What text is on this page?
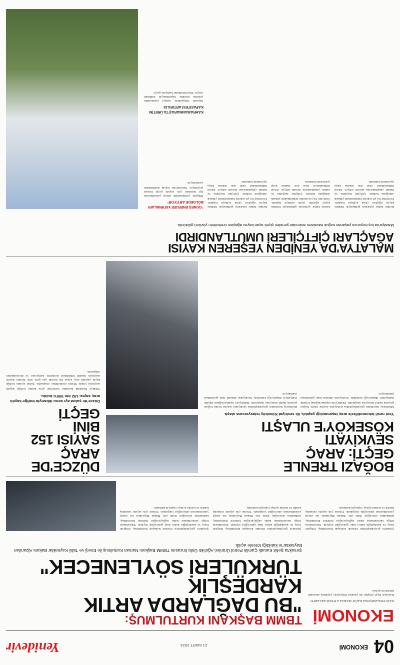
04
EKONOMİ
21 MART 2024
Yenidevir
EKONOMİ
NATO DEKAMIŞUMA KAĞIT MAMALA FİYATLARI ARTTI
Kazançlı fiyat artışları ile pazarın ihtiyaçları yapılmış ekonomi haberleri sayfası
TBMM BAŞKANI KURTULMUŞ:
"BU DAĞLARDA ARTIK KARDEŞLİK
TÜRKÜLERİ SÖYLENECEK"
Şırnak'ta Şehit Kanatlı Çamlık Petrol Ürünleri Ağırlıktı Ünlü İmzasını TBMM Başkanı Numan Kurtulmuş ile Enerji ve Tabii Kaynaklar Bakanı Alparslan Bayraktar'ın katıldığı törenle açıldı.
Şırnak'ta gerçekleştirilen törende konuşan Kurtulmuş, bölgede barış ve kardeşliğin kalıcı hale geleceğini söyledi. Yatırımların bölge ekonomisine katkı sağlayacağını belirten Kurtulmuş, istihdamın artacağını ifade etti. Bakan Bayraktar ise enerji yatırımlarının süreceğini vurguladı. Törene çok sayıda vatandaş katıldı ve tesisin açılışı coşkuyla kutlandı.
Şırnak'ta gerçekleştirilen törende konuşan Kurtulmuş, bölgede barış ve kardeşliğin kalıcı hale geleceğini söyledi. Yatırımların bölge ekonomisine katkı sağlayacağını belirten Kurtulmuş, istihdamın artacağını ifade etti. Bakan Bayraktar ise enerji yatırımlarının süreceğini vurguladı. Törene çok sayıda vatandaş katıldı ve tesisin açılışı coşkuyla kutlandı.
Şırnak'ta gerçekleştirilen törende konuşan Kurtulmuş, bölgede barış ve kardeşliğin kalıcı hale geleceğini söyledi. Yatırımların bölge ekonomisine katkı sağlayacağını belirten Kurtulmuş, istihdamın artacağını ifade etti. Bakan Bayraktar ise enerji yatırımlarının süreceğini vurguladı. Törene çok sayıda vatandaş katıldı ve tesisin açılışı coşkuyla kutlandı.
BOĞAZI TRENLE
GEÇTİ: ARAÇ
SEVKİYATI
KÖSEKÖY'E ULAŞTI
Yeni nesil lokomotiflerle araç taşımacılığı yapıldı, ilk sevkiyat Köseköy istasyonuna ulaştı.
Marmaray üzerinden gerçekleştirilen sevkiyatta araçlar trenle boğazı geçerek hedef istasyona ulaştırıldı. Demiryolu taşımacılığının lojistik maliyetleri düşüreceği belirtildi. Sevkiyatın düzenli hale getirilmesi planlanıyor.
Marmaray üzerinden gerçekleştirilen sevkiyatta araçlar trenle boğazı geçerek hedef istasyona ulaştırıldı. Demiryolu taşımacılığının lojistik maliyetleri düşüreceği belirtildi. Sevkiyatın düzenli hale getirilmesi planlanıyor.
DÜZCE'DE ARAÇ
SAYISI 152 BİNİ
GEÇTİ
Düzce'de şubat ayı sonu itibarıyla trafiğe kayıtlı araç sayısı 152 bin 500'ü buldu.
Türkiye İstatistik Kurumu verilerine göre kentte trafiğe kayıtlı araçların yüzde 50'sini otomobiller oluşturdu. Şubat ayında trafiğe kaydı yapılan araç sayısı bir önceki aya göre arttı. Kentte kayıtlı araçların önemli bölümünü otomobil, kamyonet ve motosikletler oluşturdu.
MALATYA'DA YENİDEN YEŞEREN KAYISI
AĞAÇLARI ÇİFTÇİLERİ UMUTLANDIRDI
Malatya'da kış boyunca yaşanan soğuk havaların ardından yeniden çiçek açan kayısı ağaçları üreticilerin yüzünü güldürdü.
Kentte bahar aylarının gelmesiyle birlikte kayısı ağaçları çiçek açmaya başladı. Üreticiler bu yıl rekolte beklentisinin yüksek olduğunu belirtti. Çiftçiler ilaçlama ve bakım çalışmalarına devam ediyor. Ziraat mühendisleri zirai don riskine karşı uyarılarda bulundu.
Kentte bahar aylarının gelmesiyle birlikte kayısı ağaçları çiçek açmaya başladı. Üreticiler bu yıl rekolte beklentisinin yüksek olduğunu belirtti. Çiftçiler ilaçlama ve bakım çalışmalarına devam ediyor. Ziraat mühendisleri zirai don riskine karşı uyarılarda bulundu.
Kentte bahar aylarının gelmesiyle birlikte kayısı ağaçları çiçek açmaya başladı. Üreticiler bu yıl rekolte beklentisinin yüksek olduğunu belirtti. Çiftçiler ilaçlama ve bakım çalışmalarına devam ediyor. Ziraat mühendisleri zirai don riskine karşı uyarılarda bulundu.
"GÜNEŞ ENERJİSİ YATIRIMLARI BÖLGEDE ARTIYOR"
Bölgede yenilenebilir enerji yatırımlarına ilgi artarken çok sayıda proje hayata geçiriliyor. Yatırımcılar teşvik sisteminden yararlanıyor.
KAHRAMANMARAŞ'TA ÜRETİM KAPASİTESİ ARTIRILDI
Deprem bölgesinde sanayi tesislerinin yeniden üretime başlamasıyla istihdam artıyor. Yeni fabrikalar faaliyete geçti.
